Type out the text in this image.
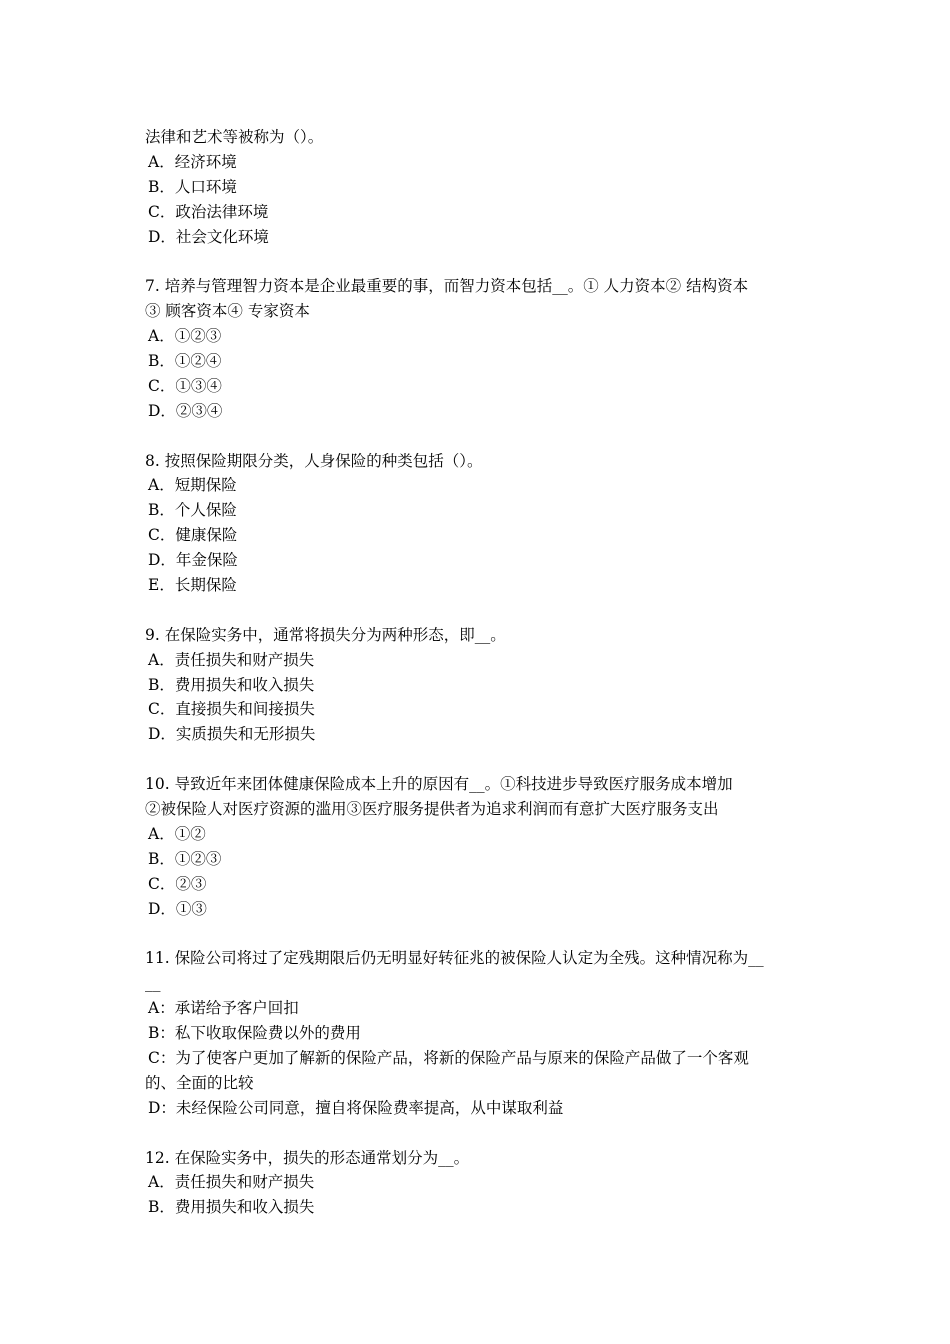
法律和艺术等被称为（）。
A．经济环境
B．人口环境
C．政治法律环境
D．社会文化环境
7. 培养与管理智力资本是企业最重要的事，而智力资本包括__。① 人力资本② 结构资本
③ 顾客资本④ 专家资本
A．①②③
B．①②④
C．①③④
D．②③④
8. 按照保险期限分类，人身保险的种类包括（）。
A．短期保险
B．个人保险
C．健康保险
D．年金保险
E．长期保险
9. 在保险实务中，通常将损失分为两种形态，即__。
A．责任损失和财产损失
B．费用损失和收入损失
C．直接损失和间接损失
D．实质损失和无形损失
10. 导致近年来团体健康保险成本上升的原因有__。①科技进步导致医疗服务成本增加
②被保险人对医疗资源的滥用③医疗服务提供者为追求利润而有意扩大医疗服务支出
A．①②
B．①②③
C．②③
D．①③
11. 保险公司将过了定残期限后仍无明显好转征兆的被保险人认定为全残。这种情况称为__
__
A：承诺给予客户回扣
B：私下收取保险费以外的费用
C：为了使客户更加了解新的保险产品，将新的保险产品与原来的保险产品做了一个客观
的、全面的比较
D：未经保险公司同意，擅自将保险费率提高，从中谋取利益
12. 在保险实务中，损失的形态通常划分为__。
A．责任损失和财产损失
B．费用损失和收入损失
